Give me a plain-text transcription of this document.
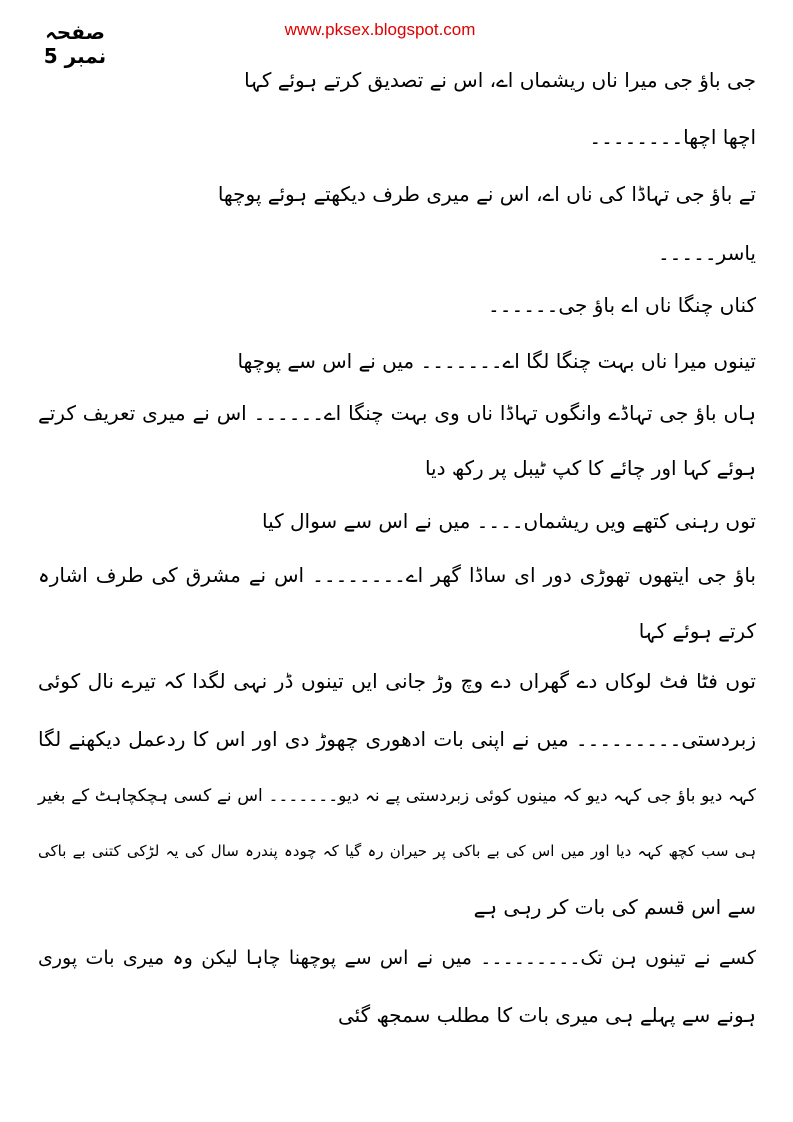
صفحہ نمبر 5
www.pksex.blogspot.com
جی باؤ جی میرا ناں ریشماں اے، اس نے تصدیق کرتے ہوئے کہا
اچھا اچھا۔۔۔۔۔۔۔۔
تے باؤ جی تہاڈا کی ناں اے، اس نے میری طرف دیکھتے ہوئے پوچھا
یاسر۔۔۔۔۔
کناں چنگا ناں اے باؤ جی۔۔۔۔۔۔
تینوں میرا ناں بہت چنگا لگا اے۔۔۔۔۔۔۔ میں نے اس سے پوچھا
ہاں باؤ جی تہاڈے وانگوں تہاڈا ناں وی بہت چنگا اے۔۔۔۔۔۔ اس نے میری تعریف کرتے
ہوئے کہا اور چائے کا کپ ٹیبل پر رکھ دیا
توں رہنی کتھے ویں ریشماں۔۔۔۔ میں نے اس سے سوال کیا
باؤ جی ایتھوں تھوڑی دور ای ساڈا گھر اے۔۔۔۔۔۔۔۔ اس نے مشرق کی طرف اشارہ
کرتے ہوئے کہا
توں فٹا فٹ لوکاں دے گھراں دے وچ وڑ جانی ایں تینوں ڈر نہی لگدا کہ تیرے نال کوئی
زبردستی۔۔۔۔۔۔۔۔۔ میں نے اپنی بات ادھوری چھوڑ دی اور اس کا ردعمل دیکھنے لگا
کہہ دیو باؤ جی کہہ دیو کہ مینوں کوئی زبردستی پے نہ دیو۔۔۔۔۔۔۔ اس نے کسی ہچکچاہٹ کے بغیر
ہی سب کچھ کہہ دیا اور میں اس کی بے باکی پر حیران رہ گیا کہ چودہ پندرہ سال کی یہ لڑکی کتنی بے باکی
سے اس قسم کی بات کر رہی ہے
کسے نے تینوں ہن تک۔۔۔۔۔۔۔۔۔ میں نے اس سے پوچھنا چاہا لیکن وہ میری بات پوری
ہونے سے پہلے ہی میری بات کا مطلب سمجھ گئی
